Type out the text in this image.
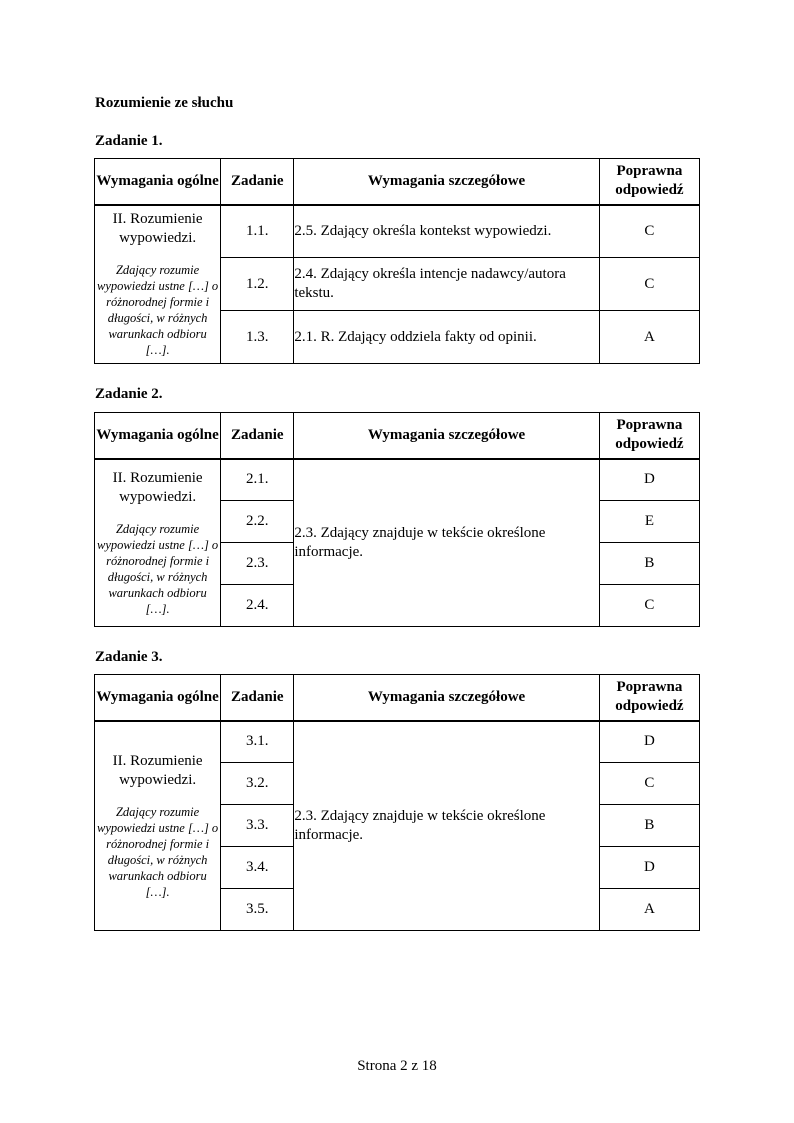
Rozumienie ze słuchu
Zadanie 1.
Wymagania ogólne	Zadanie	Wymagania szczegółowe	Poprawna odpowiedź

II. Rozumienie wypowiedzi.
Zdający rozumie wypowiedzi ustne […] o różnorodnej formie i długości, w różnych warunkach odbioru […].	1.1.	2.5. Zdający określa kontekst wypowiedzi.	C
	1.2.	2.4. Zdający określa intencje nadawcy/autora tekstu.	C
	1.3.	2.1. R. Zdający oddziela fakty od opinii.	A
Zadanie 2.
Wymagania ogólne	Zadanie	Wymagania szczegółowe	Poprawna odpowiedź

II. Rozumienie wypowiedzi.
Zdający rozumie wypowiedzi ustne […] o różnorodnej formie i długości, w różnych warunkach odbioru […].	2.1.	2.3. Zdający znajduje w tekście określone informacje.	D
	2.2.		E
	2.3.		B
	2.4.		C
Zadanie 3.
Wymagania ogólne	Zadanie	Wymagania szczegółowe	Poprawna odpowiedź

II. Rozumienie wypowiedzi.
Zdający rozumie wypowiedzi ustne […] o różnorodnej formie i długości, w różnych warunkach odbioru […].	3.1.	2.3. Zdający znajduje w tekście określone informacje.	D
	3.2.		C
	3.3.		B
	3.4.		D
	3.5.		A
Strona 2 z 18
